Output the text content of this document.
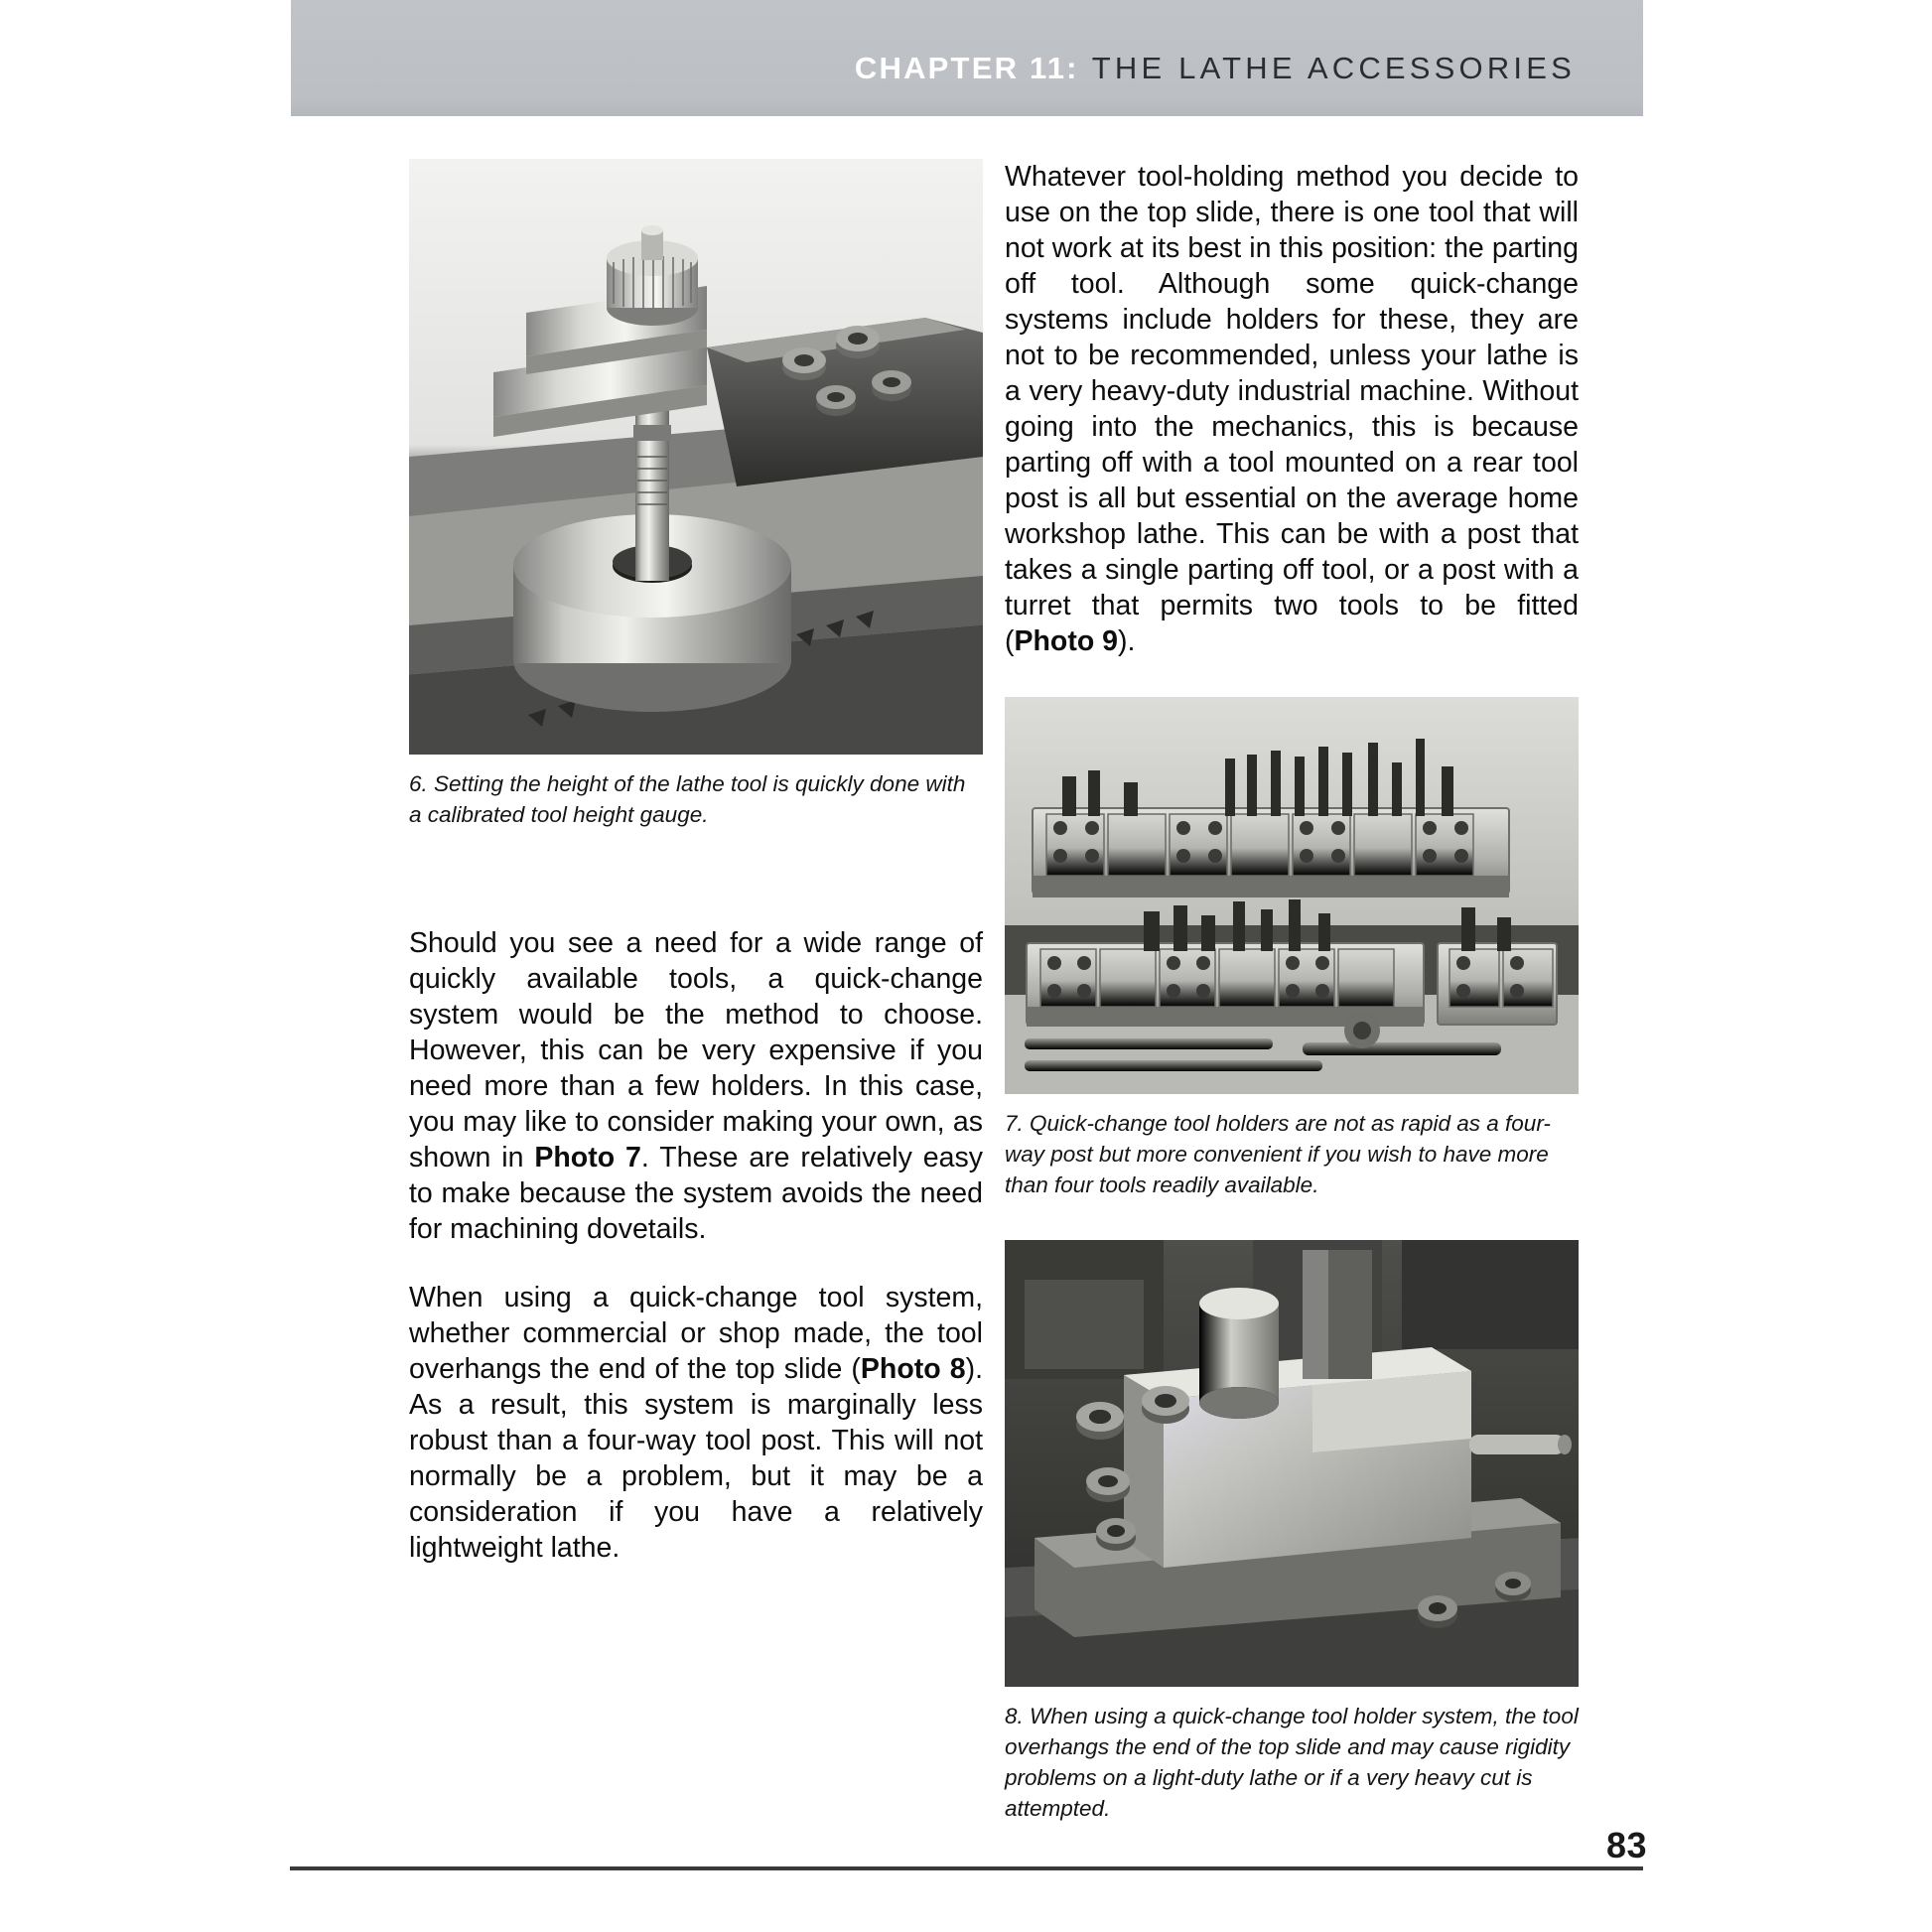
CHAPTER 11: THE LATHE ACCESSORIES

6. Setting the height of the lathe tool is quickly done with a calibrated tool height gauge.

Should you see a need for a wide range of quickly available tools, a quick-change system would be the method to choose. However, this can be very expensive if you need more than a few holders. In this case, you may like to consider making your own, as shown in Photo 7. These are relatively easy to make because the system avoids the need for machining dovetails.

When using a quick-change tool system, whether commercial or shop made, the tool overhangs the end of the top slide (Photo 8). As a result, this system is marginally less robust than a four-way tool post. This will not normally be a problem, but it may be a consideration if you have a relatively lightweight lathe.

Whatever tool-holding method you decide to use on the top slide, there is one tool that will not work at its best in this position: the parting off tool. Although some quick-change systems include holders for these, they are not to be recommended, unless your lathe is a very heavy-duty industrial machine. Without going into the mechanics, this is because parting off with a tool mounted on a rear tool post is all but essential on the average home workshop lathe. This can be with a post that takes a single parting off tool, or a post with a turret that permits two tools to be fitted (Photo 9).

7. Quick-change tool holders are not as rapid as a four-way post but more convenient if you wish to have more than four tools readily available.

8. When using a quick-change tool holder system, the tool overhangs the end of the top slide and may cause rigidity problems on a light-duty lathe or if a very heavy cut is attempted.

83
